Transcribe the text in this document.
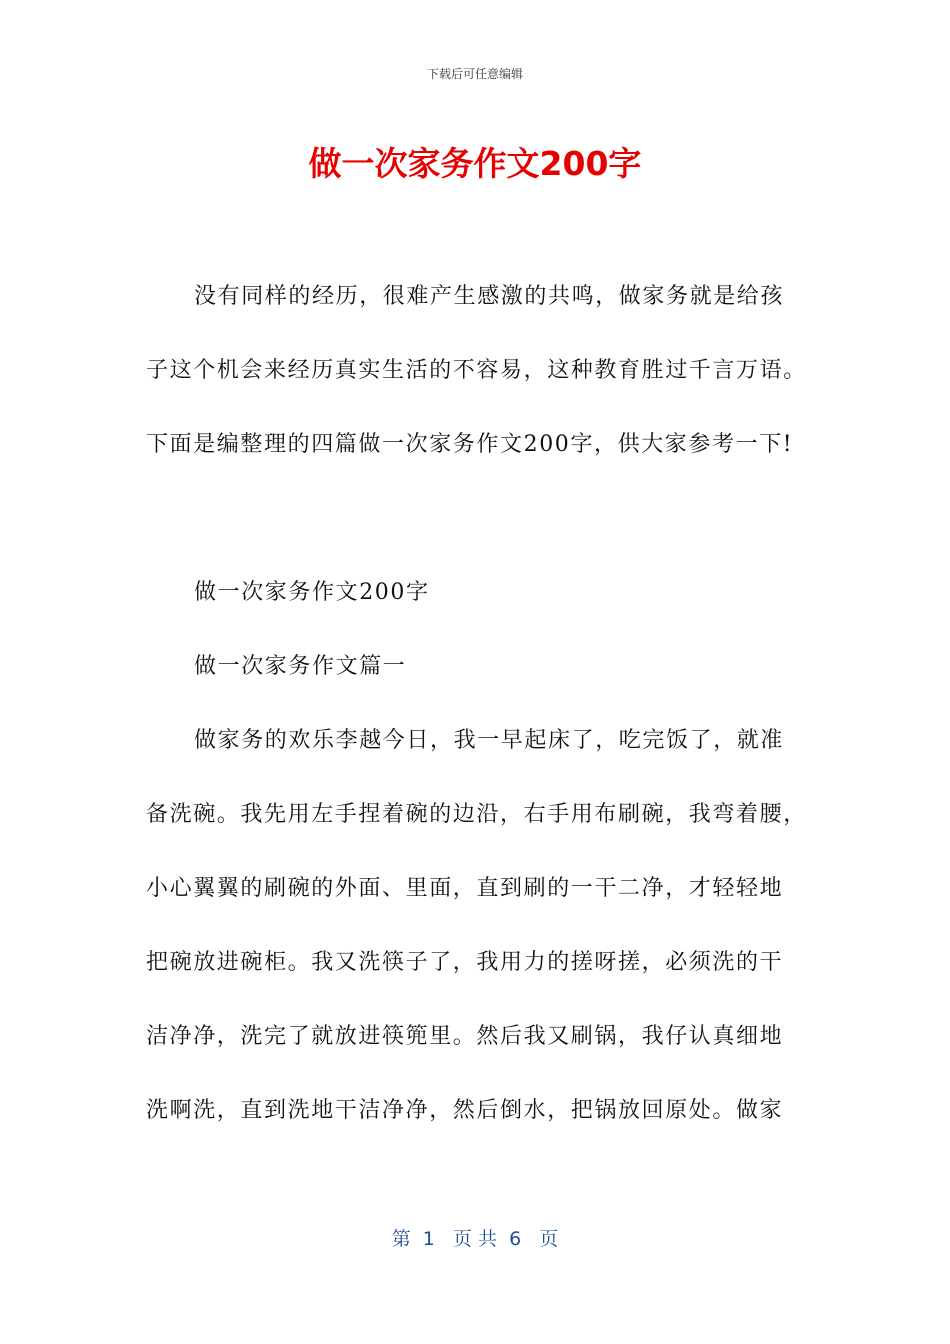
下载后可任意编辑
做一次家务作文200字
没有同样的经历，很难产生感激的共鸣，做家务就是给孩
子这个机会来经历真实生活的不容易，这种教育胜过千言万语。
下面是编整理的四篇做一次家务作文200字，供大家参考一下!
做一次家务作文200字
做一次家务作文篇一
做家务的欢乐李越今日，我一早起床了，吃完饭了，就准
备洗碗。我先用左手捏着碗的边沿，右手用布刷碗，我弯着腰，
小心翼翼的刷碗的外面、里面，直到刷的一干二净，才轻轻地
把碗放进碗柜。我又洗筷子了，我用力的搓呀搓，必须洗的干
洁净净，洗完了就放进筷篼里。然后我又刷锅，我仔认真细地
洗啊洗，直到洗地干洁净净，然后倒水，把锅放回原处。做家
第  1   页 共  6   页
